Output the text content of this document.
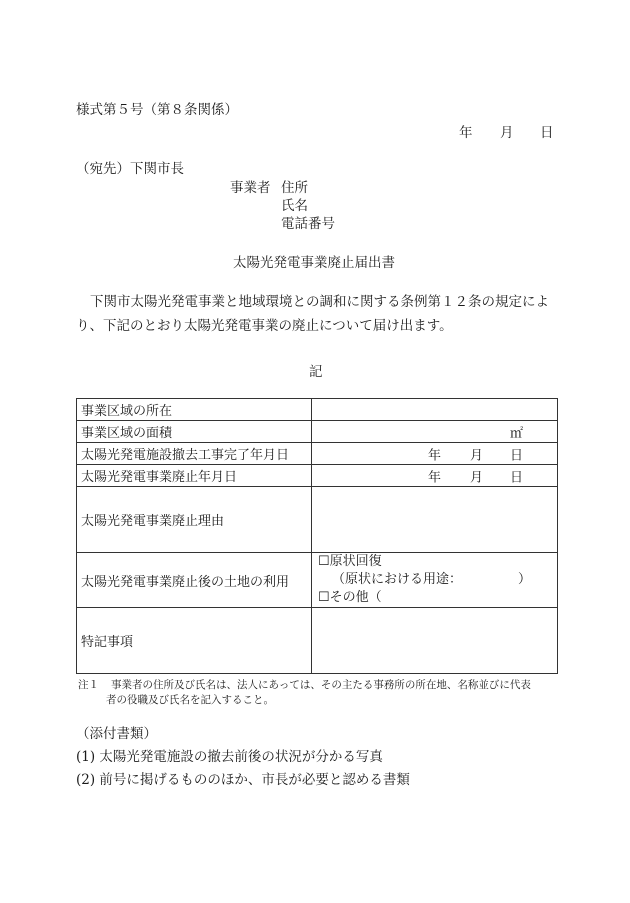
様式第５号（第８条関係）
年 月 日
（宛先）下関市長
事業者 住所
氏名
電話番号
太陽光発電事業廃止届出書
下関市太陽光発電事業と地域環境との調和に関する条例第１２条の規定により、下記のとおり太陽光発電事業の廃止について届け出ます。
記
事業区域の所在	
事業区域の面積	㎡

太陽光発電施設撤去工事完了年月日	年 月 日

太陽光発電事業廃止年月日	年 月 日

太陽光発電事業廃止理由	
太陽光発電事業廃止後の土地の利用	☐原状回復
（原状における用途： ）
☐その他（

特記事項	
注１ 事業者の住所及び氏名は、法人にあっては、その主たる事務所の所在地、名称並びに代表
者の役職及び氏名を記入すること。
（添付書類）
(1) 太陽光発電施設の撤去前後の状況が分かる写真
(2) 前号に掲げるもののほか、市長が必要と認める書類
